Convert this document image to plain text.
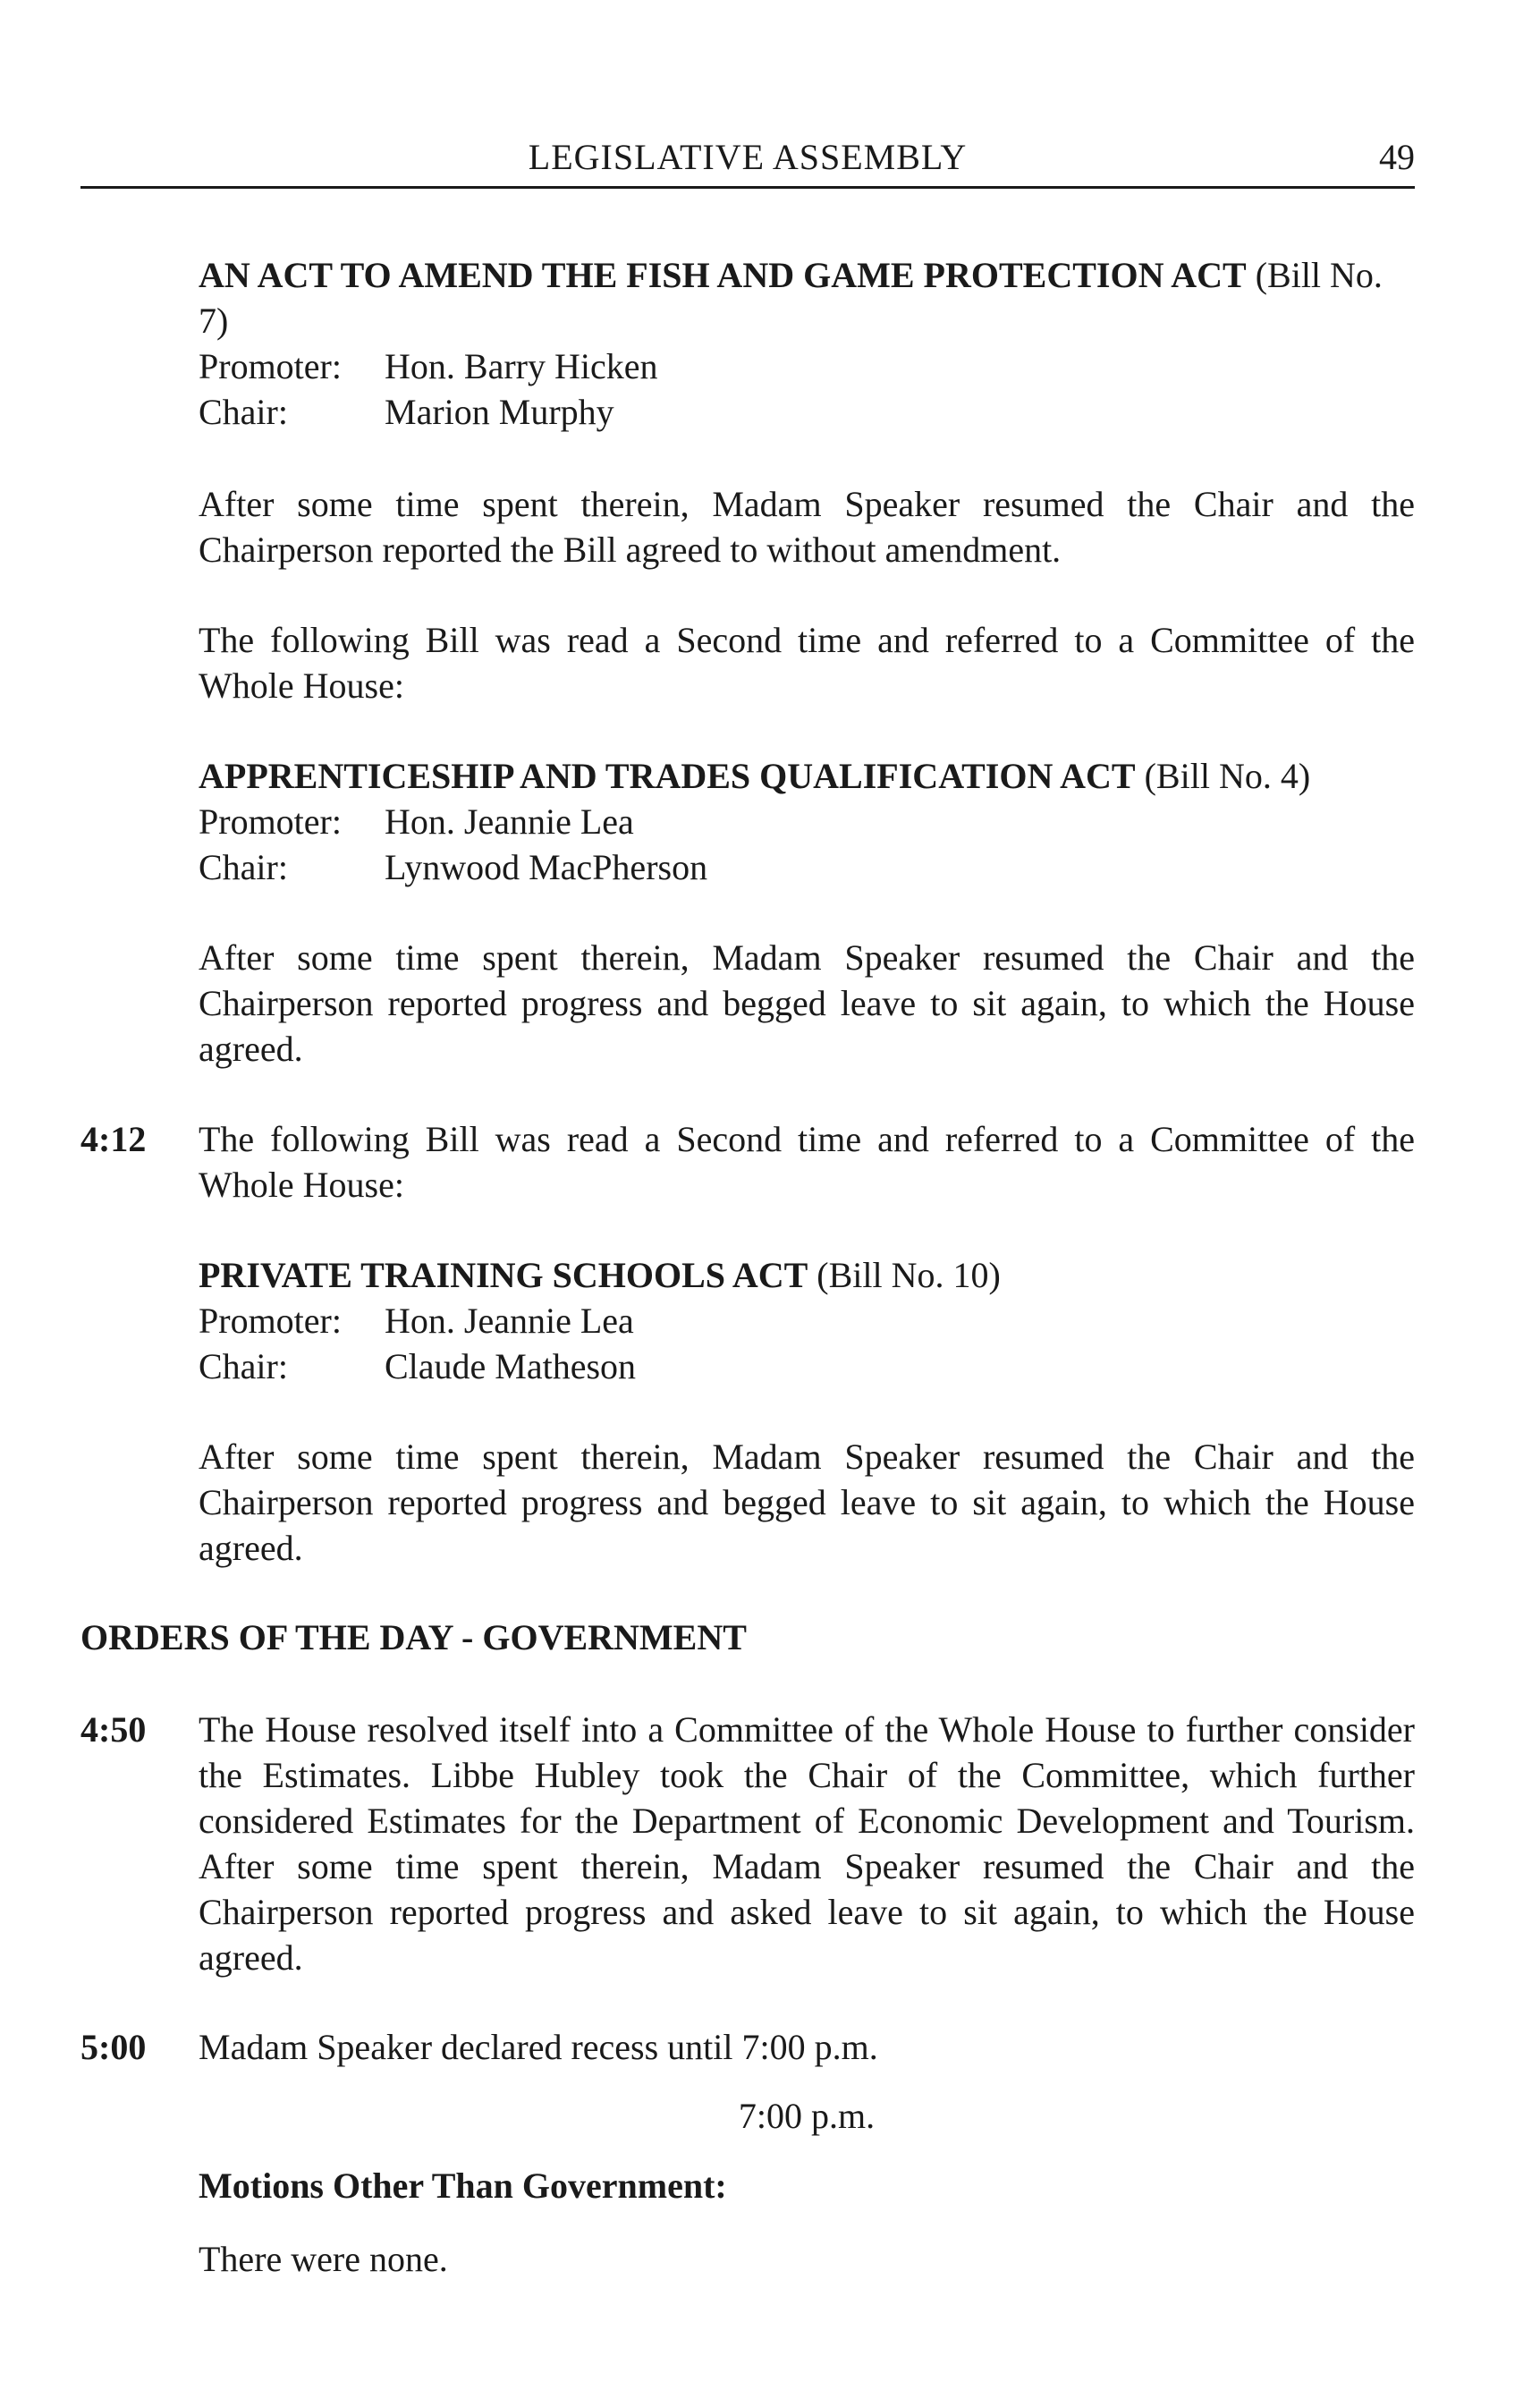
LEGISLATIVE ASSEMBLY	49
AN ACT TO AMEND THE FISH AND GAME PROTECTION ACT (Bill No. 7)
Promoter:	Hon. Barry Hicken
Chair:	Marion Murphy
After some time spent therein, Madam Speaker resumed the Chair and the Chairperson reported the Bill agreed to without amendment.
The following Bill was read a Second time and referred to a Committee of the Whole House:
APPRENTICESHIP AND TRADES QUALIFICATION ACT (Bill No. 4)
Promoter:	Hon. Jeannie Lea
Chair:	Lynwood MacPherson
After some time spent therein, Madam Speaker resumed the Chair and the Chairperson reported progress and begged leave to sit again, to which the House agreed.
4:12 The following Bill was read a Second time and referred to a Committee of the Whole House:
PRIVATE TRAINING SCHOOLS ACT (Bill No. 10)
Promoter:	Hon. Jeannie Lea
Chair:	Claude Matheson
After some time spent therein, Madam Speaker resumed the Chair and the Chairperson reported progress and begged leave to sit again, to which the House agreed.
ORDERS OF THE DAY - GOVERNMENT
4:50 The House resolved itself into a Committee of the Whole House to further consider the Estimates. Libbe Hubley took the Chair of the Committee, which further considered Estimates for the Department of Economic Development and Tourism. After some time spent therein, Madam Speaker resumed the Chair and the Chairperson reported progress and asked leave to sit again, to which the House agreed.
5:00 Madam Speaker declared recess until 7:00 p.m.
7:00 p.m.
Motions Other Than Government:
There were none.
